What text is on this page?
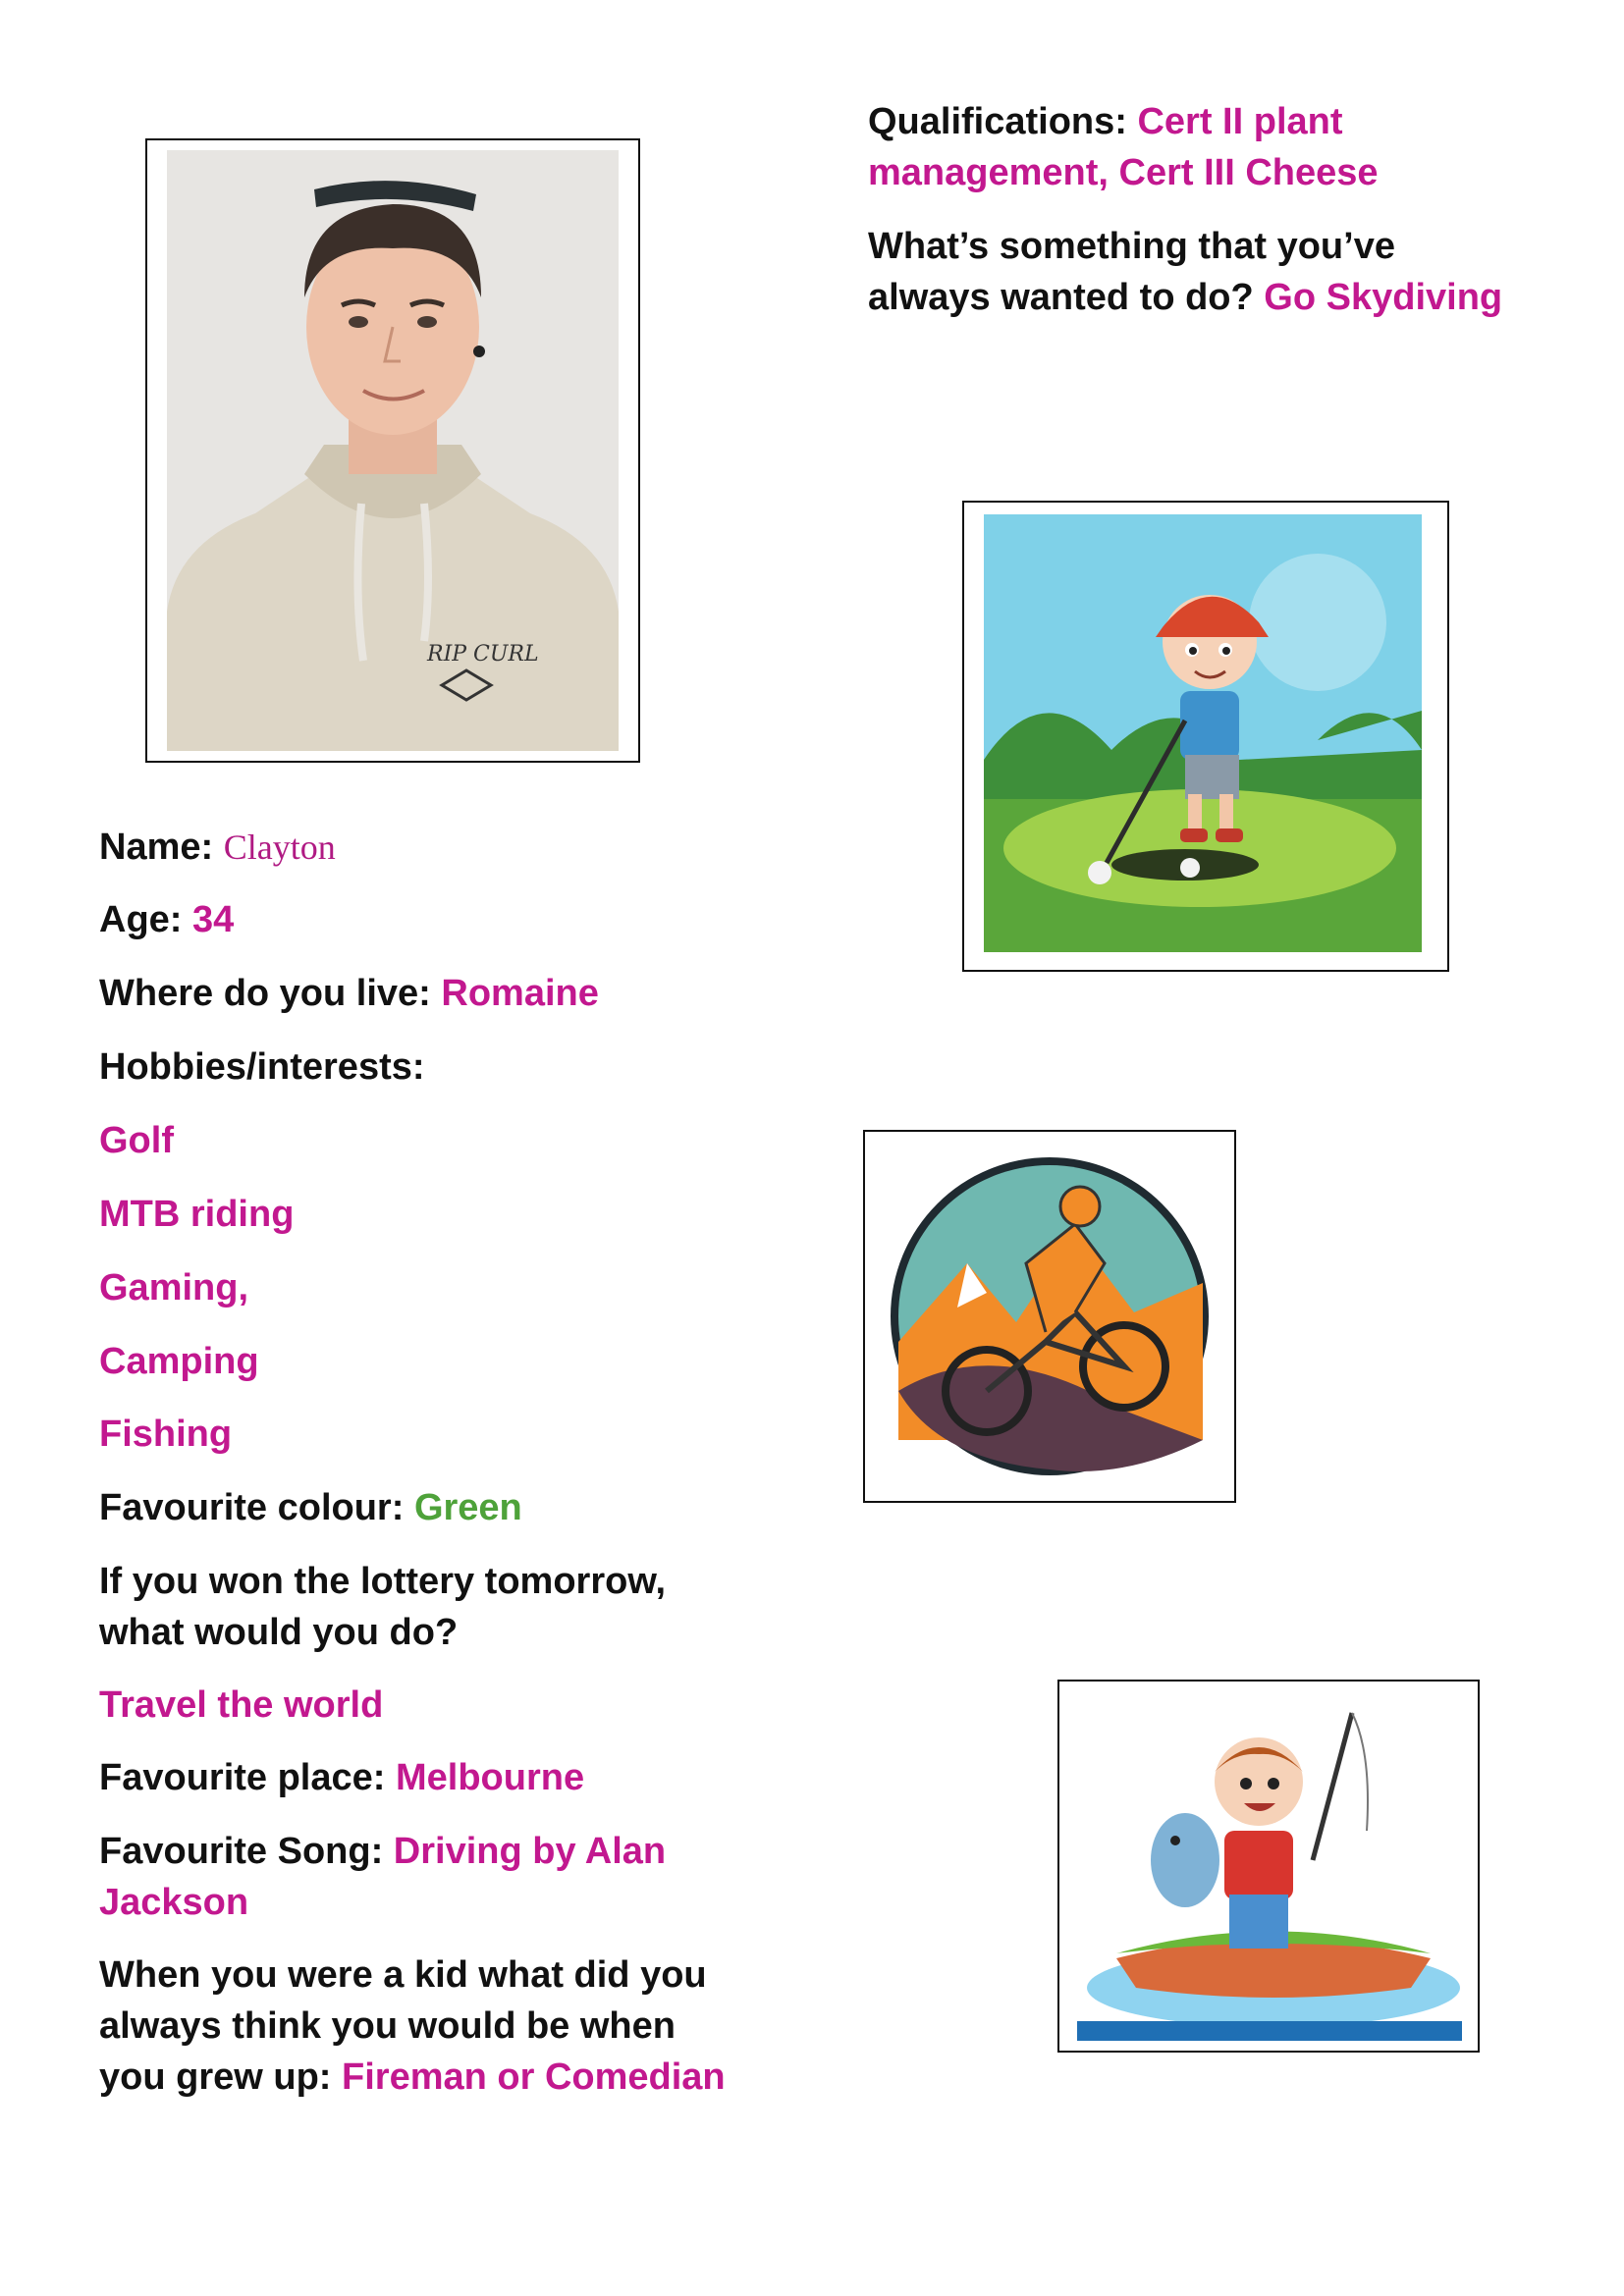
RIP CURL

Qualifications: Cert II plant

management, Cert III Cheese

What’s something that you’ve

always wanted to do? Go Skydiving

Name: Clayton

Age: 34

Where do you live: Romaine

Hobbies/interests:

Golf

MTB riding

Gaming,

Camping

Fishing

Favourite colour: Green

If you won the lottery tomorrow,

what would you do?

Travel the world

Favourite place: Melbourne

Favourite Song: Driving by Alan

Jackson

When you were a kid what did you

always think you would be when

you grew up: Fireman or Comedian
